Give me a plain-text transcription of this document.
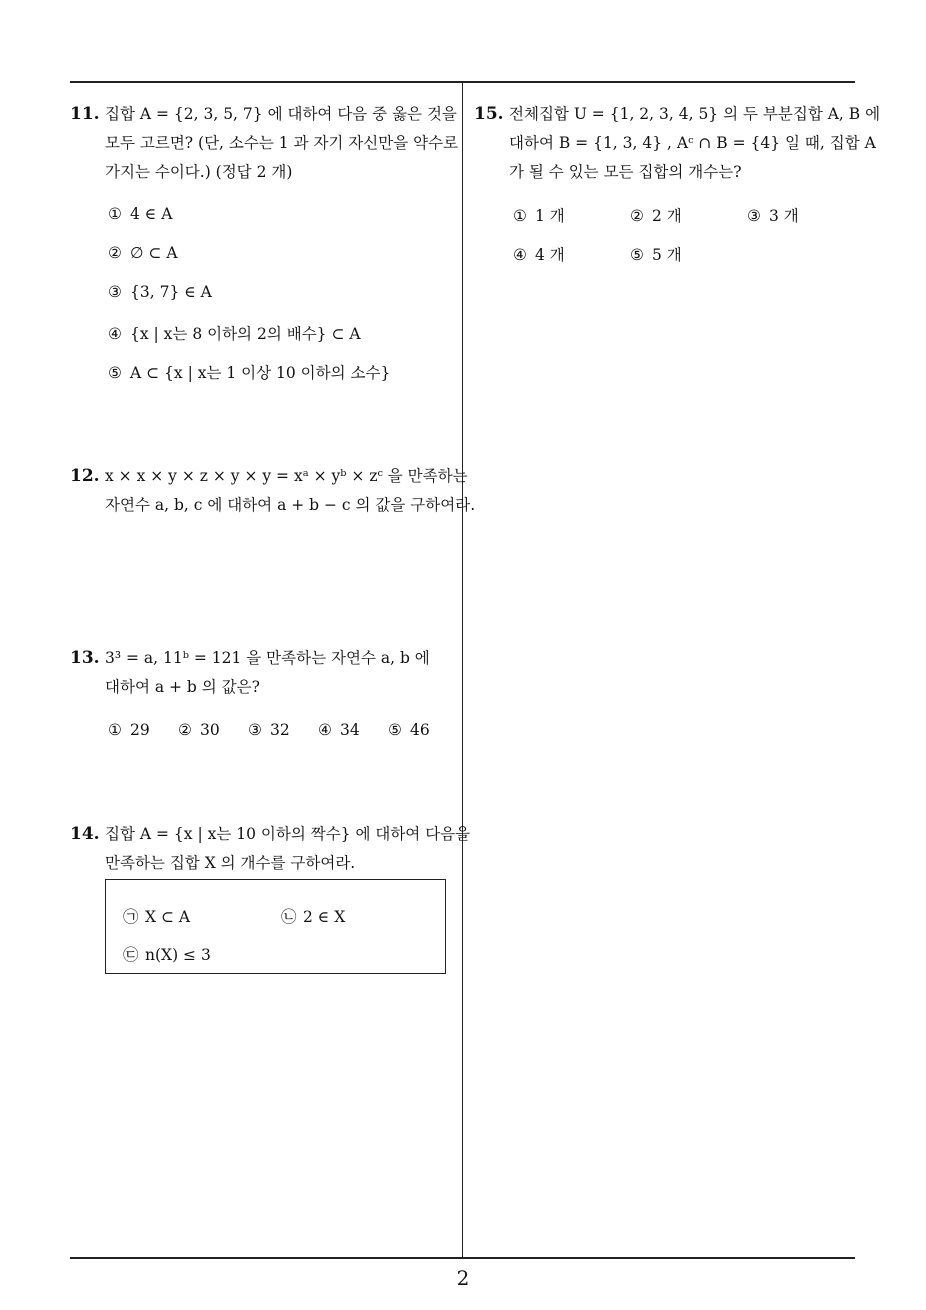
11. 집합 A = {2, 3, 5, 7} 에 대하여 다음 중 옳은 것을
모두 고르면? (단, 소수는 1 과 자기 자신만을 약수로
가지는 수이다.) (정답 2 개)
① 4 ∈ A
② ∅ ⊂ A
③ {3, 7} ∈ A
④ {x | x는 8 이하의 2의 배수} ⊂ A
⑤ A ⊂ {x | x는 1 이상 10 이하의 소수}
12. x × x × y × z × y × y = xᵃ × yᵇ × zᶜ 을 만족하는
자연수 a, b, c 에 대하여 a + b − c 의 값을 구하여라.
13. 3³ = a, 11ᵇ = 121 을 만족하는 자연수 a, b 에
대하여 a + b 의 값은?
① 29 ② 30 ③ 32 ④ 34 ⑤ 46
14. 집합 A = {x | x는 10 이하의 짝수} 에 대하여 다음을
만족하는 집합 X 의 개수를 구하여라.
㉠ X ⊂ A	㉡ 2 ∈ X
㉢ n(X) ≤ 3
15. 전체집합 U = {1, 2, 3, 4, 5} 의 두 부분집합 A, B 에
대하여 B = {1, 3, 4} , Aᶜ ∩ B = {4} 일 때, 집합 A
가 될 수 있는 모든 집합의 개수는?
① 1 개	② 2 개	③ 3 개
④ 4 개	⑤ 5 개
2
